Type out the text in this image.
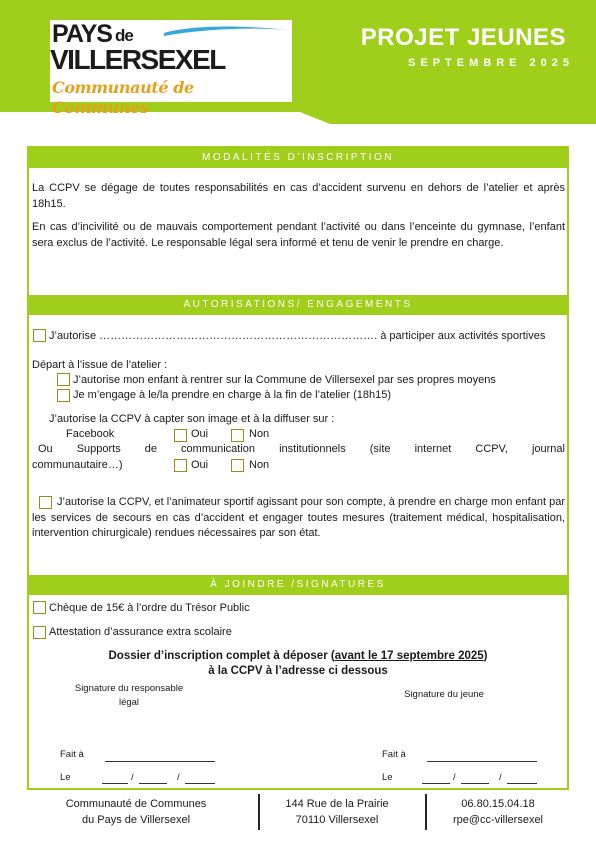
PAYS $^{de}$
VILLERSEXEL
Communauté de Communes
PROJET JEUNES
SEPTEMBRE 2025
MODALITÉS D’INSCRIPTION
La CCPV se dégage de toutes responsabilités en cas d’accident survenu en dehors de l’atelier et après 18h15.
En cas d’incivilité ou de mauvais comportement pendant l’activité ou dans l’enceinte du gymnase, l’enfant sera exclus de l’activité. Le responsable légal sera informé et tenu de venir le prendre en charge.
AUTORISATIONS/ ENGAGEMENTS
J’autorise …………………………………………………………………. à participer aux activités sportives
Départ à l’issue de l’atelier :
J’autorise mon enfant à rentrer sur la Commune de Villersexel par ses propres moyens
Je m’engage à le/la prendre en charge à la fin de l’atelier (18h15)
J’autorise la CCPV à capter son image et à la diffuser sur :
Facebook	Oui	Non
Ou Supports de communication institutionnels (site internet CCPV, journal
communautaire…)	Oui	Non
J’autorise la CCPV, et l’animateur sportif agissant pour son compte, à prendre en charge mon enfant par les services de secours en cas d’accident et engager toutes mesures (traitement médical, hospitalisation, intervention chirurgicale) rendues nécessaires par son état.
À JOINDRE /SIGNATURES
Chèque de 15€ à l’ordre du Trésor Public
Attestation d’assurance extra scolaire
Dossier d’inscription complet à déposer (avant le 17 septembre 2025)
à la CCPV à l’adresse ci dessous
Signature du responsable
légal
Signature du jeune
Fait à
Le	/	/
Fait à
Le	/	/
Communauté de Communes
du Pays de Villersexel
144 Rue de la Prairie
70110 Villersexel
06.80.15.04.18
rpe@cc-villersexel
